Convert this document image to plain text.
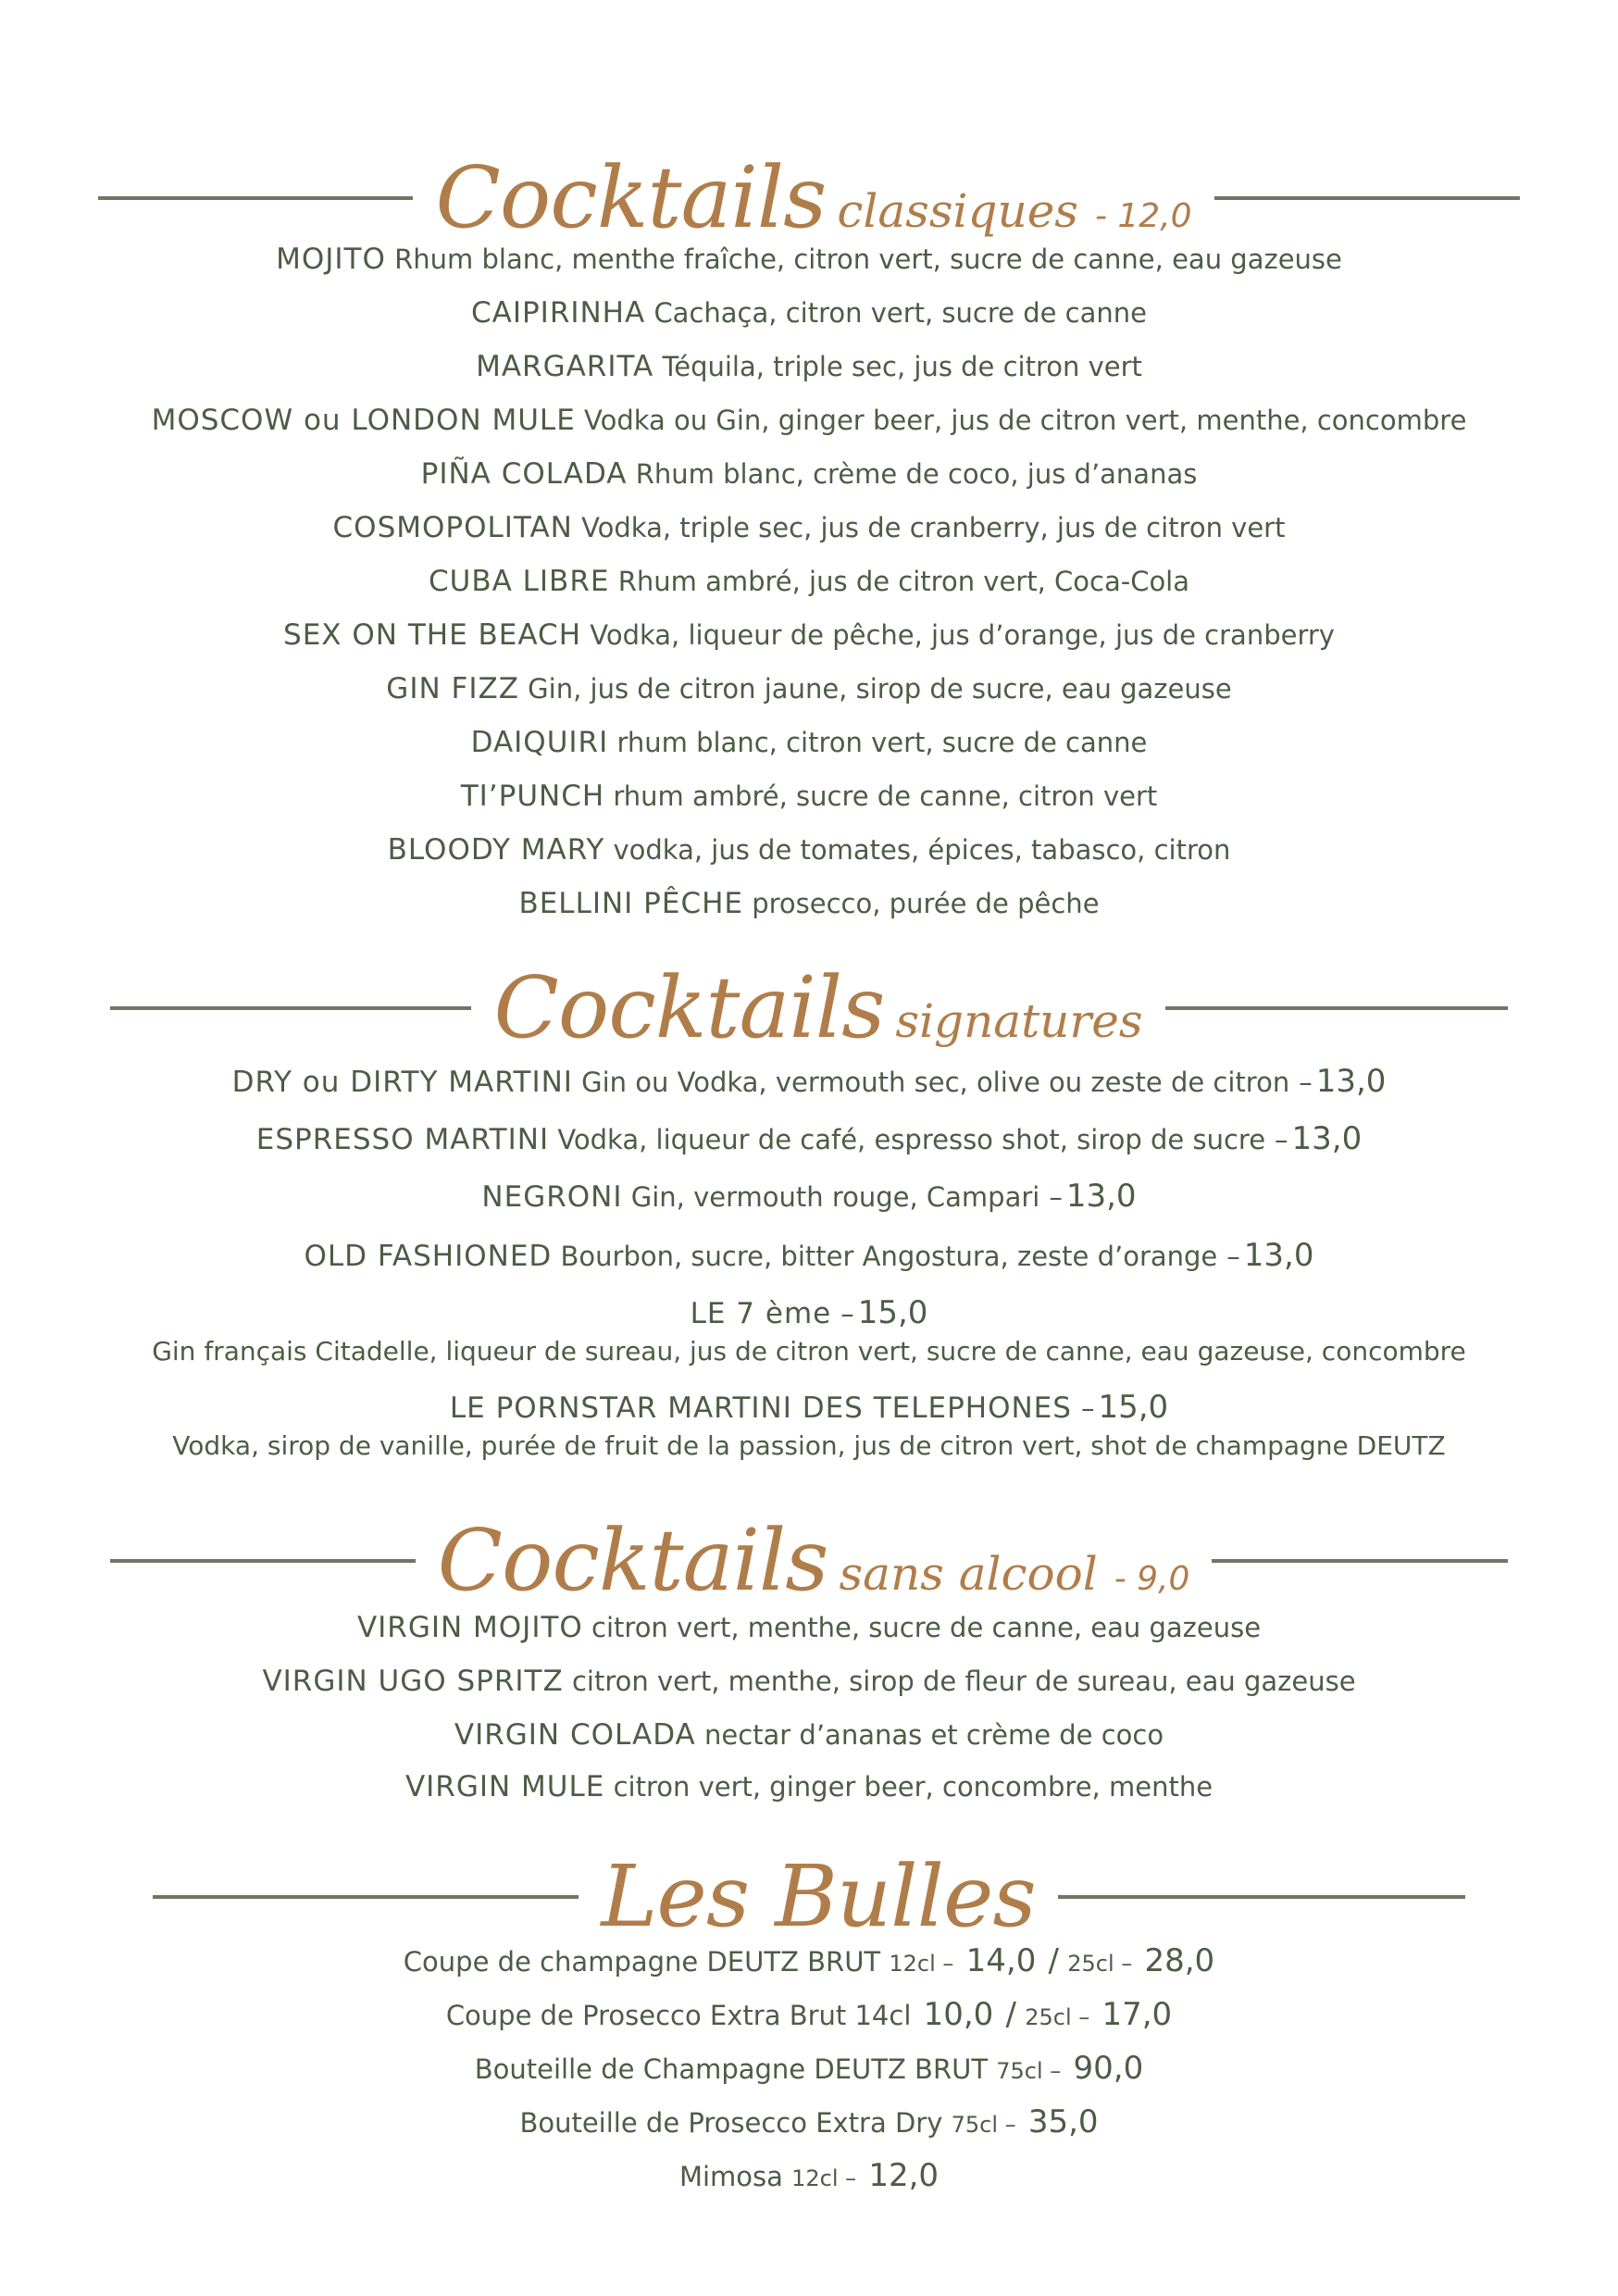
Cocktails classiques - 12,0
MOJITO Rhum blanc, menthe fraîche, citron vert, sucre de canne, eau gazeuse
CAIPIRINHA Cachaça, citron vert, sucre de canne
MARGARITA Téquila, triple sec, jus de citron vert
MOSCOW ou LONDON MULE Vodka ou Gin, ginger beer, jus de citron vert, menthe, concombre
PIÑA COLADA Rhum blanc, crème de coco, jus d’ananas
COSMOPOLITAN Vodka, triple sec, jus de cranberry, jus de citron vert
CUBA LIBRE Rhum ambré, jus de citron vert, Coca-Cola
SEX ON THE BEACH Vodka, liqueur de pêche, jus d’orange, jus de cranberry
GIN FIZZ Gin, jus de citron jaune, sirop de sucre, eau gazeuse
DAIQUIRI rhum blanc, citron vert, sucre de canne
TI’PUNCH rhum ambré, sucre de canne, citron vert
BLOODY MARY vodka, jus de tomates, épices, tabasco, citron
BELLINI PÊCHE prosecco, purée de pêche
Cocktails signatures
DRY ou DIRTY MARTINI Gin ou Vodka, vermouth sec, olive ou zeste de citron – 13,0
ESPRESSO MARTINI Vodka, liqueur de café, espresso shot, sirop de sucre – 13,0
NEGRONI Gin, vermouth rouge, Campari – 13,0
OLD FASHIONED Bourbon, sucre, bitter Angostura, zeste d’orange – 13,0
LE 7 ème – 15,0
Gin français Citadelle, liqueur de sureau, jus de citron vert, sucre de canne, eau gazeuse, concombre
LE PORNSTAR MARTINI DES TELEPHONES – 15,0
Vodka, sirop de vanille, purée de fruit de la passion, jus de citron vert, shot de champagne DEUTZ
Cocktails sans alcool - 9,0
VIRGIN MOJITO citron vert, menthe, sucre de canne, eau gazeuse
VIRGIN UGO SPRITZ citron vert, menthe, sirop de fleur de sureau, eau gazeuse
VIRGIN COLADA nectar d’ananas et crème de coco
VIRGIN MULE citron vert, ginger beer, concombre, menthe
Les Bulles
Coupe de champagne DEUTZ BRUT 12cl – 14,0 / 25cl – 28,0
Coupe de Prosecco Extra Brut 14cl 10,0 / 25cl – 17,0
Bouteille de Champagne DEUTZ BRUT 75cl – 90,0
Bouteille de Prosecco Extra Dry 75cl – 35,0
Mimosa 12cl – 12,0
